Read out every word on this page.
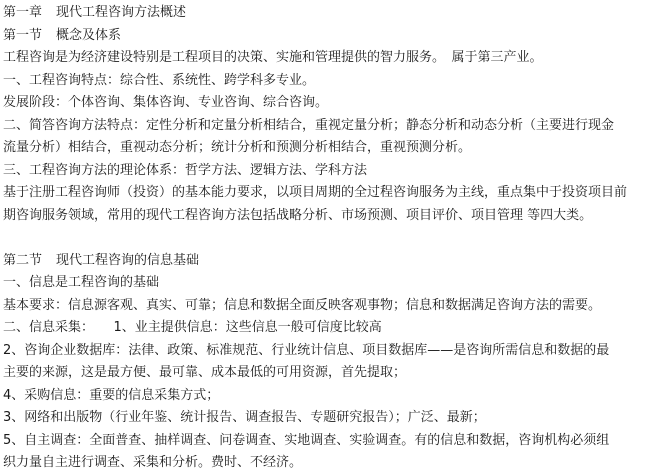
第一章 现代工程咨询方法概述
第一节 概念及体系
工程咨询是为经济建设特别是工程项目的决策、实施和管理提供的智力服务。　属于第三产业。
一、工程咨询特点：综合性、系统性、跨学科多专业。
发展阶段：个体咨询、集体咨询、专业咨询、综合咨询。
二、简答咨询方法特点：定性分析和定量分析相结合，重视定量分析；静态分析和动态分析（主要进行现金
流量分析）相结合，重视动态分析；统计分析和预测分析相结合，重视预测分析。
三、工程咨询方法的理论体系：哲学方法、逻辑方法、学科方法
基于注册工程咨询师（投资）的基本能力要求，以项目周期的全过程咨询服务为主线，重点集中于投资项目前
期咨询服务领域，常用的现代工程咨询方法包括战略分析、市场预测、项目评价、项目管理 等四大类。
第二节 现代工程咨询的信息基础
一、信息是工程咨询的基础
基本要求：信息源客观、真实、可靠；信息和数据全面反映客观事物；信息和数据满足咨询方法的需要。
二、信息采集：　　1、业主提供信息：这些信息一般可信度比较高
2、咨询企业数据库：法律、政策、标准规范、行业统计信息、项目数据库——是咨询所需信息和数据的最
主要的来源，这是最方便、最可靠、成本最低的可用资源，首先提取；
4、采购信息：重要的信息采集方式；
3、网络和出版物（行业年鉴、统计报告、调查报告、专题研究报告）；广泛、最新；
5、自主调查：全面普查、抽样调查、问卷调查、实地调查、实验调查。有的信息和数据，咨询机构必须组
织力量自主进行调查、采集和分析。费时、不经济。
